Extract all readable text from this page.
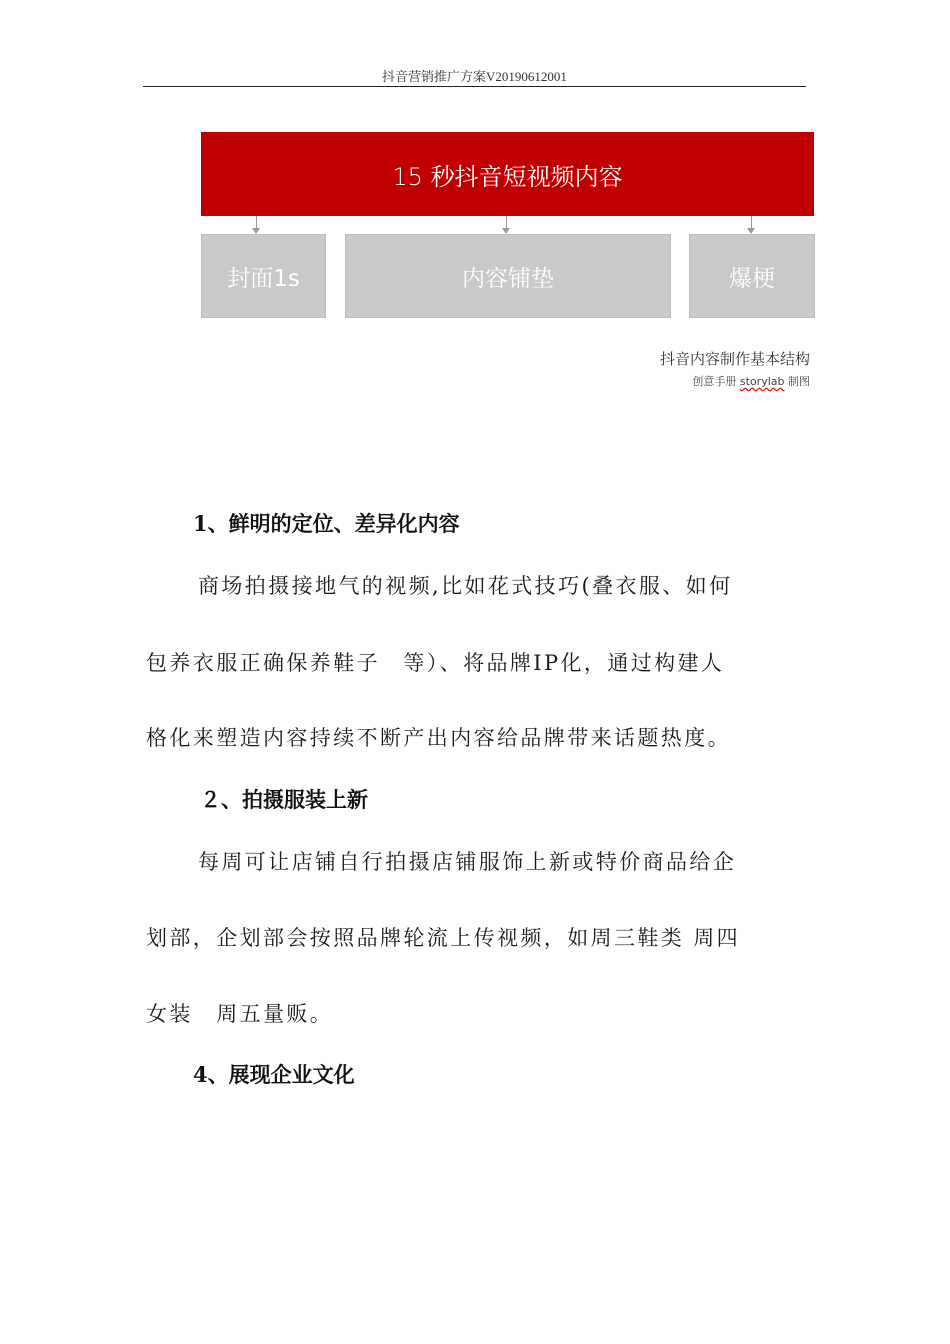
抖音营销推广方案V20190612001
15 秒抖音短视频内容
封面1s	内容铺垫	爆梗
抖音内容制作基本结构
创意手册 storylab 制图
1、鲜明的定位、差异化内容
商场拍摄接地气的视频,比如花式技巧(叠衣服、如何
包养衣服正确保养鞋子　等）、将品牌IP化，通过构建人
格化来塑造内容持续不断产出内容给品牌带来话题热度。
２、拍摄服装上新
每周可让店铺自行拍摄店铺服饰上新或特价商品给企
划部，企划部会按照品牌轮流上传视频，如周三鞋类 周四
女装　周五量贩。
4、展现企业文化
